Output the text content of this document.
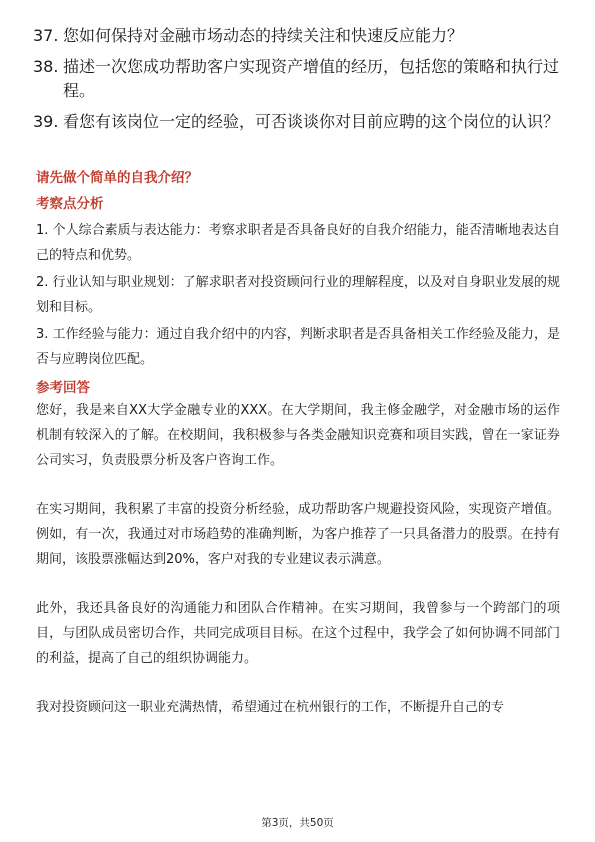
37. 您如何保持对金融市场动态的持续关注和快速反应能力？
38. 描述一次您成功帮助客户实现资产增值的经历，包括您的策略和执行过程。
39. 看您有该岗位一定的经验，可否谈谈你对目前应聘的这个岗位的认识？

请先做个简单的自我介绍？

考察点分析

1. 个人综合素质与表达能力：考察求职者是否具备良好的自我介绍能力，能否清晰地表达自己的特点和优势。

2. 行业认知与职业规划：了解求职者对投资顾问行业的理解程度，以及对自身职业发展的规划和目标。

3. 工作经验与能力：通过自我介绍中的内容，判断求职者是否具备相关工作经验及能力，是否与应聘岗位匹配。

参考回答

您好，我是来自XX大学金融专业的XXX。在大学期间，我主修金融学，对金融市场的运作机制有较深入的了解。在校期间，我积极参与各类金融知识竞赛和项目实践，曾在一家证券公司实习，负责股票分析及客户咨询工作。

在实习期间，我积累了丰富的投资分析经验，成功帮助客户规避投资风险，实现资产增值。例如，有一次，我通过对市场趋势的准确判断，为客户推荐了一只具备潜力的股票。在持有期间，该股票涨幅达到20%，客户对我的专业建议表示满意。

此外，我还具备良好的沟通能力和团队合作精神。在实习期间，我曾参与一个跨部门的项目，与团队成员密切合作，共同完成项目目标。在这个过程中，我学会了如何协调不同部门的利益，提高了自己的组织协调能力。

我对投资顾问这一职业充满热情，希望通过在杭州银行的工作，不断提升自己的专

第3页，共50页
